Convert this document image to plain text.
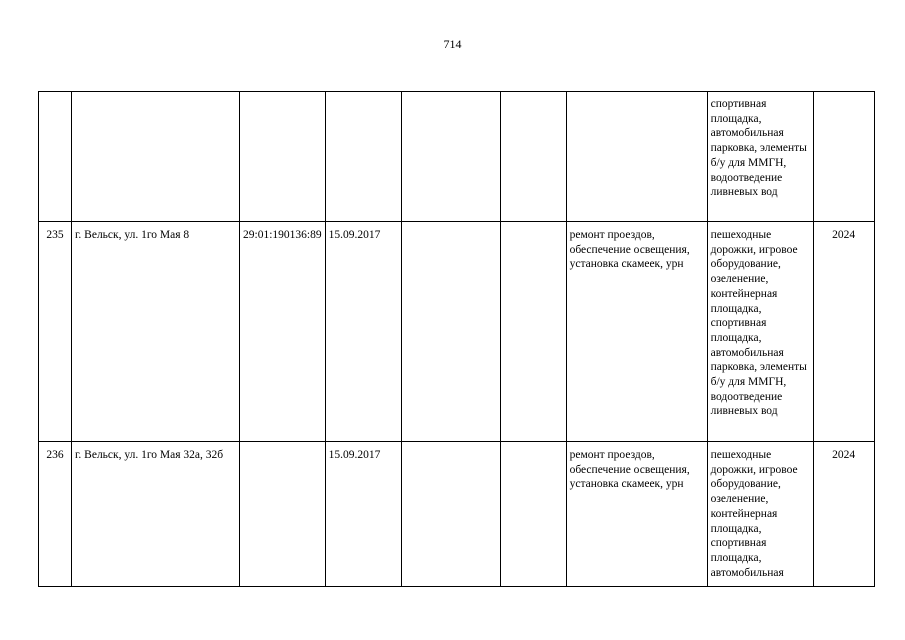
714
							спортивная площадка, автомобильная парковка, элементы б/у для ММГН, водоотведение ливневых вод	
235	г. Вельск, ул. 1го Мая 8	29:01:190136:89	15.09.2017			ремонт проездов, обеспечение освещения, установка скамеек, урн	пешеходные дорожки, игровое оборудование, озеленение, контейнерная площадка, спортивная площадка, автомобильная парковка, элементы б/у для ММГН, водоотведение ливневых вод	2024
236	г. Вельск, ул. 1го Мая 32а, 32б		15.09.2017			ремонт проездов, обеспечение освещения, установка скамеек, урн	пешеходные дорожки, игровое оборудование, озеленение, контейнерная площадка, спортивная площадка, автомобильная	2024
